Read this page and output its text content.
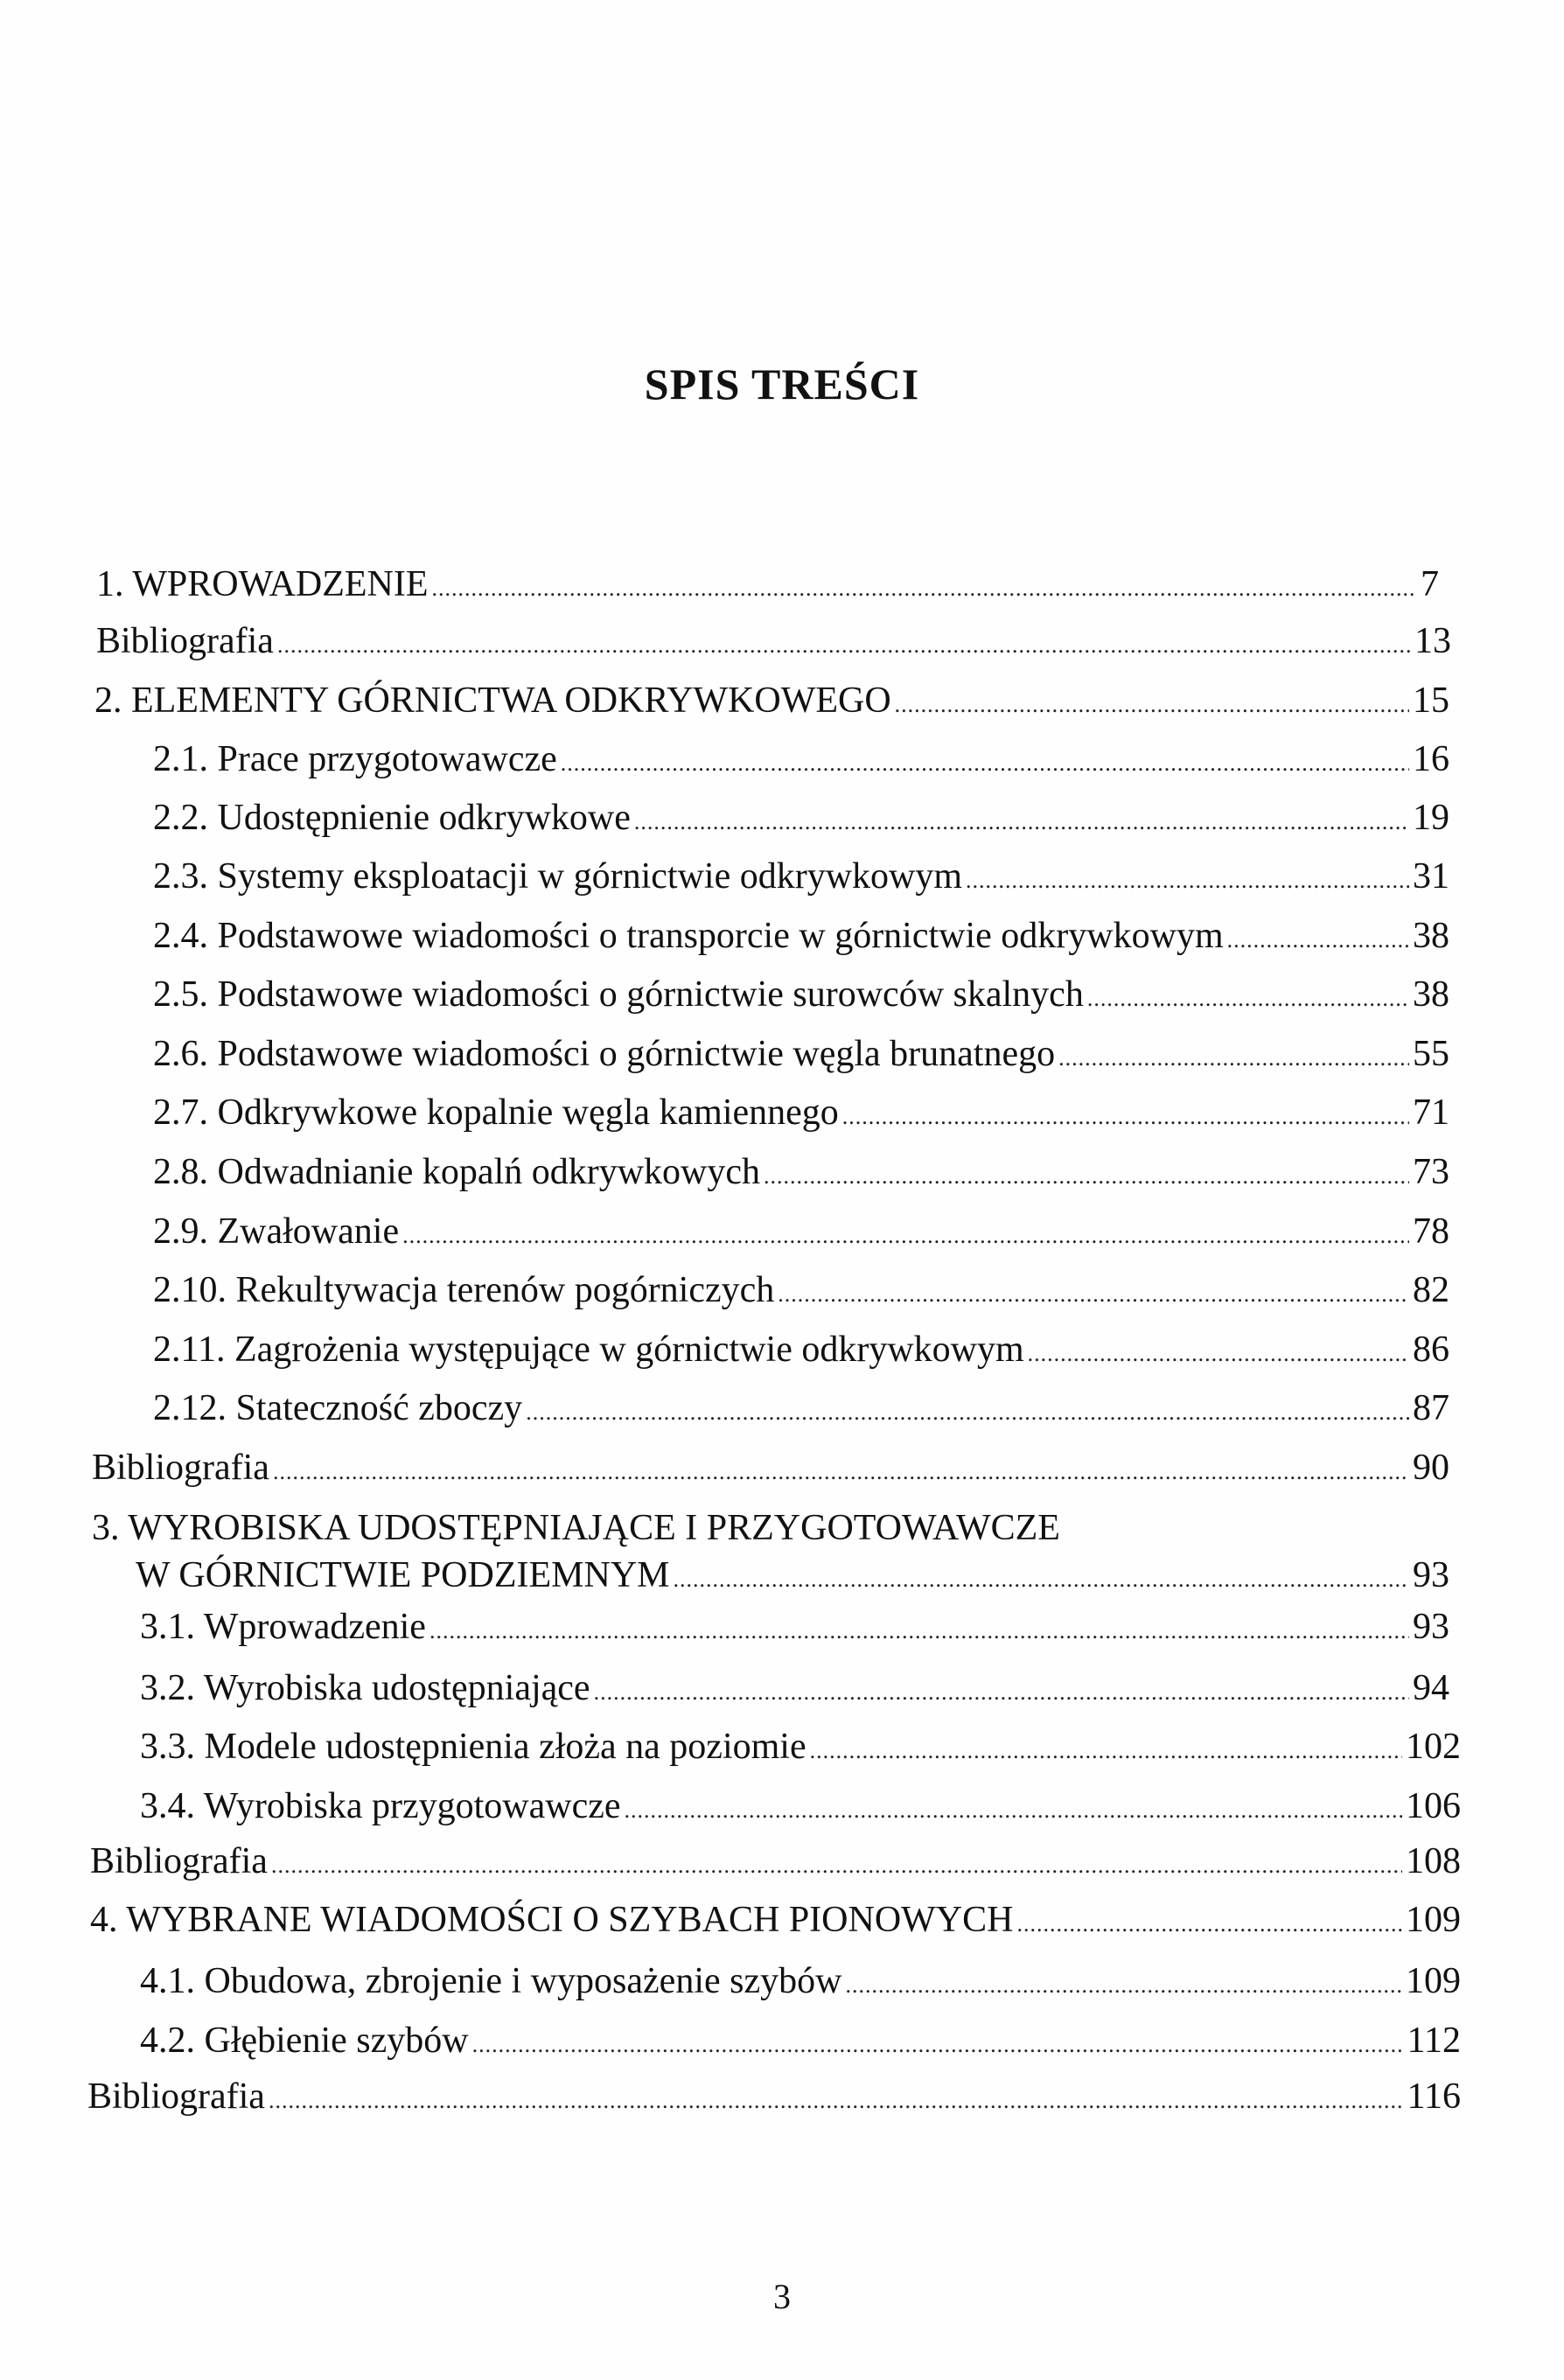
SPIS TREŚCI
1. WPROWADZENIE .....	7
Bibliografia .....	13
2. ELEMENTY GÓRNICTWA ODKRYWKOWEGO .....	15
2.1. Prace przygotowawcze .....	16
2.2. Udostępnienie odkrywkowe .....	19
2.3. Systemy eksploatacji w górnictwie odkrywkowym .....	31
2.4. Podstawowe wiadomości o transporcie w górnictwie odkrywkowym .....	38
2.5. Podstawowe wiadomości o górnictwie surowców skalnych .....	38
2.6. Podstawowe wiadomości o górnictwie węgla brunatnego .....	55
2.7. Odkrywkowe kopalnie węgla kamiennego .....	71
2.8. Odwadnianie kopalń odkrywkowych .....	73
2.9. Zwałowanie .....	78
2.10. Rekultywacja terenów pogórniczych .....	82
2.11. Zagrożenia występujące w górnictwie odkrywkowym .....	86
2.12. Stateczność zboczy .....	87
Bibliografia .....	90
3. WYROBISKA UDOSTĘPNIAJĄCE I PRZYGOTOWAWCZE
W GÓRNICTWIE PODZIEMNYM .....	93
3.1. Wprowadzenie .....	93
3.2. Wyrobiska udostępniające .....	94
3.3. Modele udostępnienia złoża na poziomie .....	102
3.4. Wyrobiska przygotowawcze .....	106
Bibliografia .....	108
4. WYBRANE WIADOMOŚCI O SZYBACH PIONOWYCH .....	109
4.1. Obudowa, zbrojenie i wyposażenie szybów .....	109
4.2. Głębienie szybów .....	112
Bibliografia .....	116
3
